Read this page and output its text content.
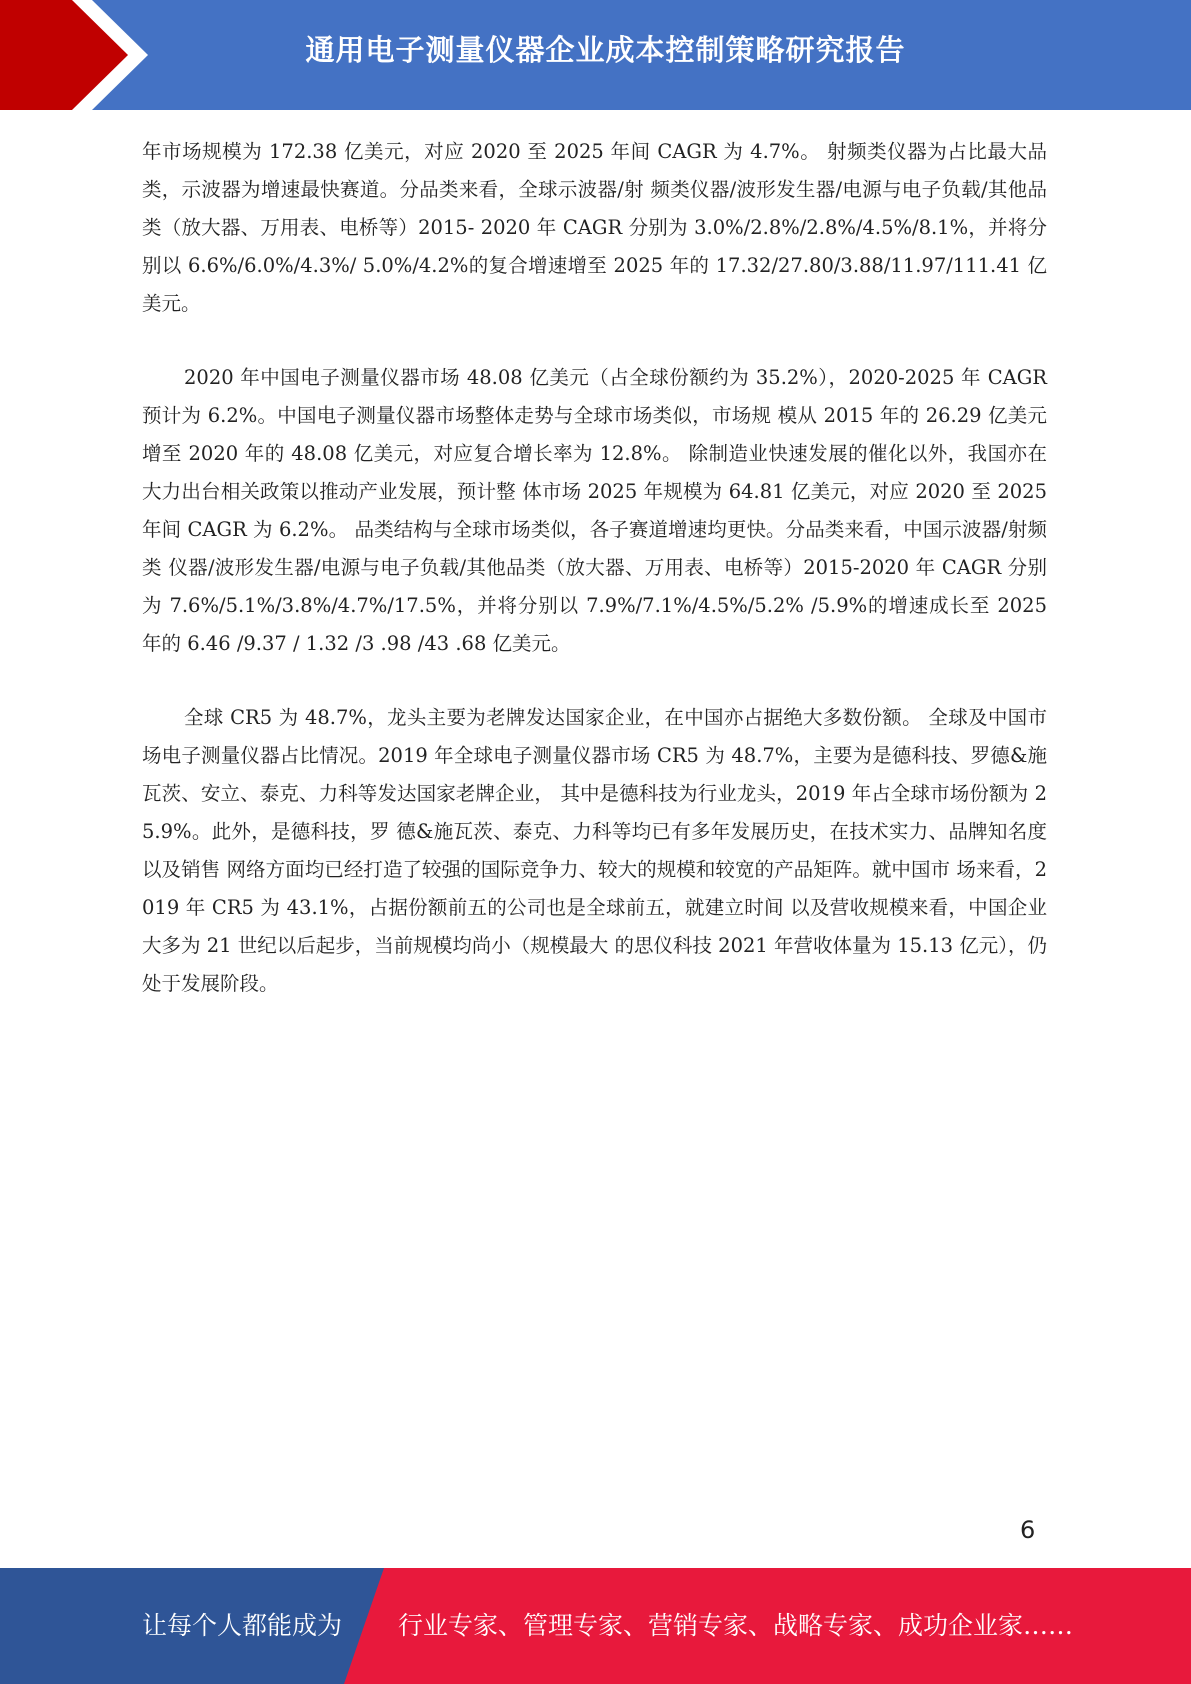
通用电子测量仪器企业成本控制策略研究报告

年市场规模为 172.38 亿美元，对应 2020 至 2025 年间 CAGR 为 4.7%。 射频类仪器为占比最大品类，示波器为增速最快赛道。分品类来看，全球示波器/射 频类仪器/波形发生器/电源与电子负载/其他品类（放大器、万用表、电桥等）2015- 2020 年 CAGR 分别为 3.0%/2.8%/2.8%/4.5%/8.1%，并将分别以 6.6%/6.0%/4.3%/ 5.0%/4.2%的复合增速增至 2025 年的 17.32/27.80/3.88/11.97/111.41 亿美元。

2020 年中国电子测量仪器市场 48.08 亿美元（占全球份额约为 35.2%），2020-2025 年 CAGR 预计为 6.2%。中国电子测量仪器市场整体走势与全球市场类似，市场规 模从 2015 年的 26.29 亿美元增至 2020 年的 48.08 亿美元，对应复合增长率为 12.8%。 除制造业快速发展的催化以外，我国亦在大力出台相关政策以推动产业发展，预计整 体市场 2025 年规模为 64.81 亿美元，对应 2020 至 2025 年间 CAGR 为 6.2%。 品类结构与全球市场类似，各子赛道增速均更快。分品类来看，中国示波器/射频类 仪器/波形发生器/电源与电子负载/其他品类（放大器、万用表、电桥等）2015-2020 年 CAGR 分别为 7.6%/5.1%/3.8%/4.7%/17.5%，并将分别以 7.9%/7.1%/4.5%/5.2% /5.9%的增速成长至 2025 年的 6.46 /9.37 / 1.32 /3 .98 /43 .68 亿美元。

全球 CR5 为 48.7%，龙头主要为老牌发达国家企业，在中国亦占据绝大多数份额。 全球及中国市场电子测量仪器占比情况。2019 年全球电子测量仪器市场 CR5 为 48.7%，主要为是德科技、罗德&施瓦茨、安立、泰克、力科等发达国家老牌企业， 其中是德科技为行业龙头，2019 年占全球市场份额为 25.9%。此外，是德科技，罗 德&施瓦茨、泰克、力科等均已有多年发展历史，在技术实力、品牌知名度以及销售 网络方面均已经打造了较强的国际竞争力、较大的规模和较宽的产品矩阵。就中国市 场来看，2019 年 CR5 为 43.1%，占据份额前五的公司也是全球前五，就建立时间 以及营收规模来看，中国企业大多为 21 世纪以后起步，当前规模均尚小（规模最大 的思仪科技 2021 年营收体量为 15.13 亿元），仍处于发展阶段。

6
让每个人都能成为 行业专家、管理专家、营销专家、战略专家、成功企业家……
